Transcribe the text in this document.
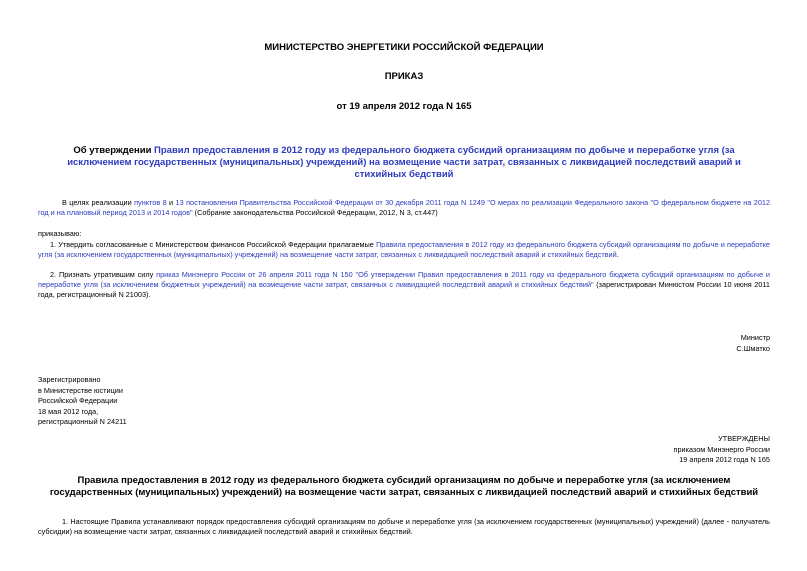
МИНИСТЕРСТВО ЭНЕРГЕТИКИ РОССИЙСКОЙ ФЕДЕРАЦИИ
ПРИКАЗ
от 19 апреля 2012 года N 165
Об утверждении Правил предоставления в 2012 году из федерального бюджета субсидий организациям по добыче и переработке угля (за исключением государственных (муниципальных) учреждений) на возмещение части затрат, связанных с ликвидацией последствий аварий и стихийных бедствий
В целях реализации пунктов 8 и 13 постановления Правительства Российской Федерации от 30 декабря 2011 года N 1249 "О мерах по реализации Федерального закона "О федеральном бюджете на 2012 год и на плановый период 2013 и 2014 годов" (Собрание законодательства Российской Федерации, 2012, N 3, ст.447)
приказываю:
1. Утвердить согласованные с Министерством финансов Российской Федерации прилагаемые Правила предоставления в 2012 году из федерального бюджета субсидий организациям по добыче и переработке угля (за исключением государственных (муниципальных) учреждений) на возмещение части затрат, связанных с ликвидацией последствий аварий и стихийных бедствий.
2. Признать утратившим силу приказ Минэнерго России от 26 апреля 2011 года N 150 "Об утверждении Правил предоставления в 2011 году из федерального бюджета субсидий организациям по добыче и переработке угля (за исключением бюджетных учреждений) на возмещение части затрат, связанных с ликвидацией последствий аварий и стихийных бедствий" (зарегистрирован Минюстом России 10 июня 2011 года, регистрационный N 21003).
Министр
С.Шматко
Зарегистрировано
в Министерстве юстиции
Российской Федерации
18 мая 2012 года,
регистрационный N 24211
УТВЕРЖДЕНЫ
приказом Минэнерго России
19 апреля 2012 года N 165
Правила предоставления в 2012 году из федерального бюджета субсидий организациям по добыче и переработке угля (за исключением государственных (муниципальных) учреждений) на возмещение части затрат, связанных с ликвидацией последствий аварий и стихийных бедствий
1. Настоящие Правила устанавливают порядок предоставления субсидий организациям по добыче и переработке угля (за исключением государственных (муниципальных) учреждений) (далее - получатель субсидии) на возмещение части затрат, связанных с ликвидацией последствий аварий и стихийных бедствий.
